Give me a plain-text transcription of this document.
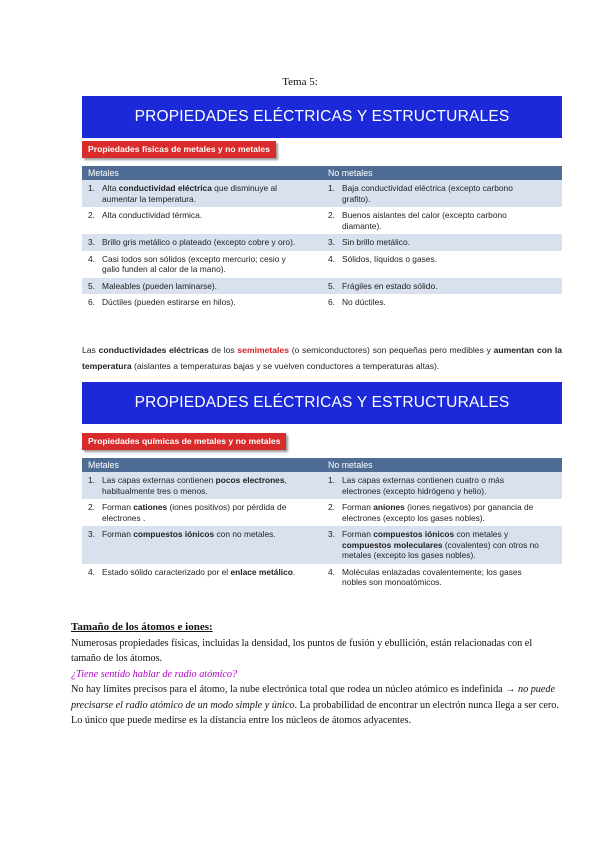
Tema 5:
PROPIEDADES ELÉCTRICAS Y ESTRUCTURALES
Propiedades físicas de metales y no metales
Metales	No metales
1. Alta conductividad eléctrica que disminuye al aumentar la temperatura.	1. Baja conductividad eléctrica (excepto carbono grafito).
2. Alta conductividad térmica.	2. Buenos aislantes del calor (excepto carbono diamante).
3. Brillo gris metálico o plateado (excepto cobre y oro).	3. Sin brillo metálico.
4. Casi todos son sólidos (excepto mercurio; cesio y galio funden al calor de la mano).	4. Sólidos, líquidos o gases.
5. Maleables (pueden laminarse).	5. Frágiles en estado sólido.
6. Dúctiles (pueden estirarse en hilos).	6. No dúctiles.
Las conductividades eléctricas de los semimetales (o semiconductores) son pequeñas pero medibles y aumentan con la temperatura (aislantes a temperaturas bajas y se vuelven conductores a temperaturas altas).
PROPIEDADES ELÉCTRICAS Y ESTRUCTURALES
Propiedades químicas de metales y no metales
Metales	No metales
1. Las capas externas contienen pocos electrones, habitualmente tres o menos.	1. Las capas externas contienen cuatro o más electrones (excepto hidrógeno y helio).
2. Forman cationes (iones positivos) por pérdida de electrones .	2. Forman aniones (iones negativos) por ganancia de electrones (excepto los gases nobles).
3. Forman compuestos iónicos con no metales.	3. Forman compuestos iónicos con metales y compuestos moleculares (covalentes) con otros no metales (excepto los gases nobles).
4. Estado sólido caracterizado por el enlace metálico.	4. Moléculas enlazadas covalentemente; los gases nobles son monoatómicos.
Tamaño de los átomos e iones:
Numerosas propiedades físicas, incluidas la densidad, los puntos de fusión y ebullición, están relacionadas con el tamaño de los átomos.
¿Tiene sentido hablar de radio atómico?
No hay límites precisos para el átomo, la nube electrónica total que rodea un núcleo atómico es indefinida → no puede precisarse el radio atómico de un modo simple y único. La probabilidad de encontrar un electrón nunca llega a ser cero. Lo único que puede medirse es la distancia entre los núcleos de átomos adyacentes.
